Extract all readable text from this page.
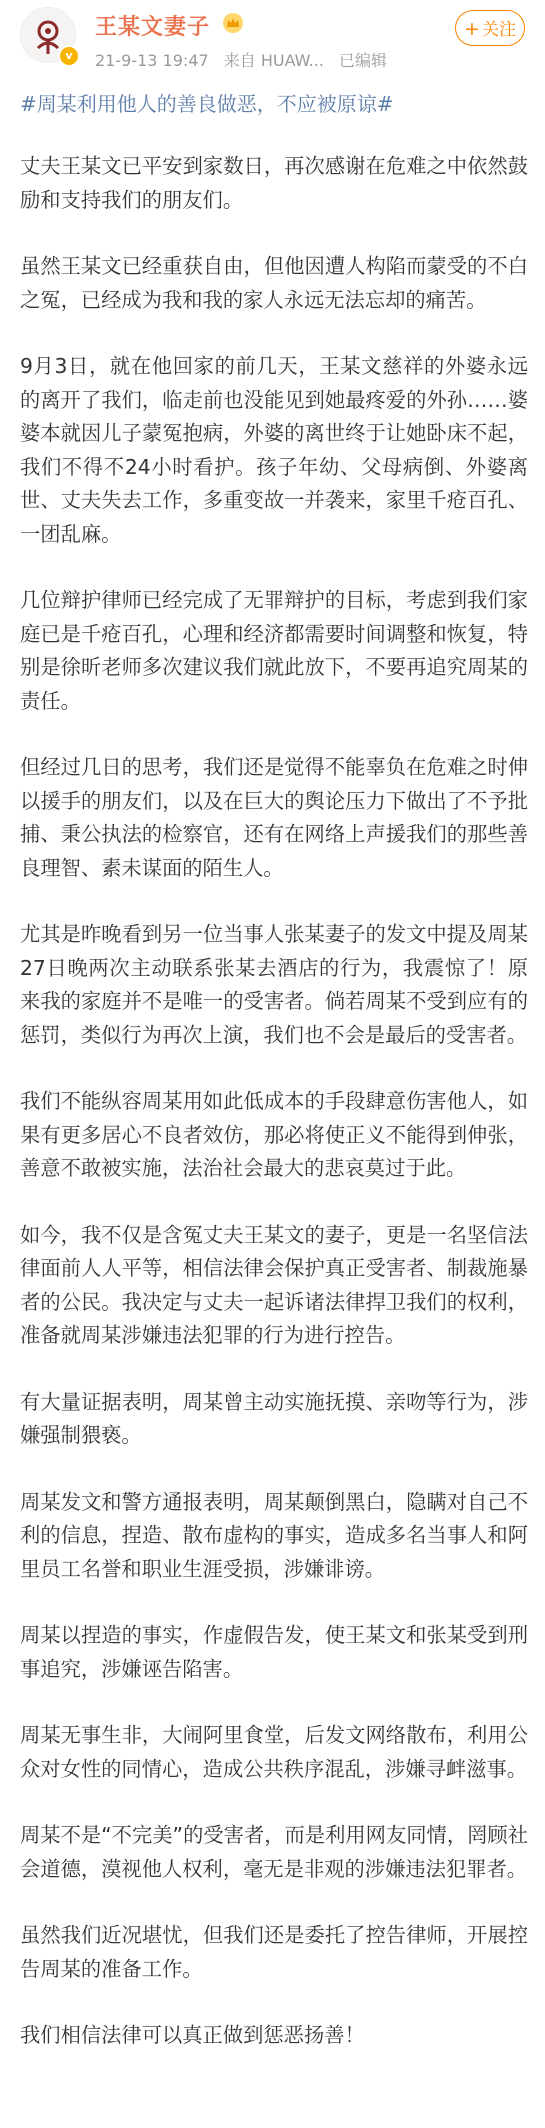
v
王某文妻子
21-9-13 19:47 来自 HUAW... 已编辑
+ 关注
#周某利用他人的善良做恶，不应被原谅#

丈夫王某文已平安到家数日，再次感谢在危难之中依然鼓励和支持我们的朋友们。

虽然王某文已经重获自由，但他因遭人构陷而蒙受的不白之冤，已经成为我和我的家人永远无法忘却的痛苦。

9月3日，就在他回家的前几天，王某文慈祥的外婆永远的离开了我们，临走前也没能见到她最疼爱的外孙……婆婆本就因儿子蒙冤抱病，外婆的离世终于让她卧床不起，我们不得不24小时看护。孩子年幼、父母病倒、外婆离世、丈夫失去工作，多重变故一并袭来，家里千疮百孔、一团乱麻。

几位辩护律师已经完成了无罪辩护的目标，考虑到我们家庭已是千疮百孔，心理和经济都需要时间调整和恢复，特别是徐昕老师多次建议我们就此放下，不要再追究周某的责任。

但经过几日的思考，我们还是觉得不能辜负在危难之时伸以援手的朋友们，以及在巨大的舆论压力下做出了不予批捕、秉公执法的检察官，还有在网络上声援我们的那些善良理智、素未谋面的陌生人。

尤其是昨晚看到另一位当事人张某妻子的发文中提及周某27日晚两次主动联系张某去酒店的行为，我震惊了！原来我的家庭并不是唯一的受害者。倘若周某不受到应有的惩罚，类似行为再次上演，我们也不会是最后的受害者。

我们不能纵容周某用如此低成本的手段肆意伤害他人，如果有更多居心不良者效仿，那必将使正义不能得到伸张，善意不敢被实施，法治社会最大的悲哀莫过于此。

如今，我不仅是含冤丈夫王某文的妻子，更是一名坚信法律面前人人平等，相信法律会保护真正受害者、制裁施暴者的公民。我决定与丈夫一起诉诸法律捍卫我们的权利，准备就周某涉嫌违法犯罪的行为进行控告。

有大量证据表明，周某曾主动实施抚摸、亲吻等行为，涉嫌强制猥亵。

周某发文和警方通报表明，周某颠倒黑白，隐瞒对自己不利的信息，捏造、散布虚构的事实，造成多名当事人和阿里员工名誉和职业生涯受损，涉嫌诽谤。

周某以捏造的事实，作虚假告发，使王某文和张某受到刑事追究，涉嫌诬告陷害。

周某无事生非，大闹阿里食堂，后发文网络散布，利用公众对女性的同情心，造成公共秩序混乱，涉嫌寻衅滋事。

周某不是“不完美”的受害者，而是利用网友同情，罔顾社会道德，漠视他人权利，毫无是非观的涉嫌违法犯罪者。

虽然我们近况堪忧，但我们还是委托了控告律师，开展控告周某的准备工作。

我们相信法律可以真正做到惩恶扬善！
